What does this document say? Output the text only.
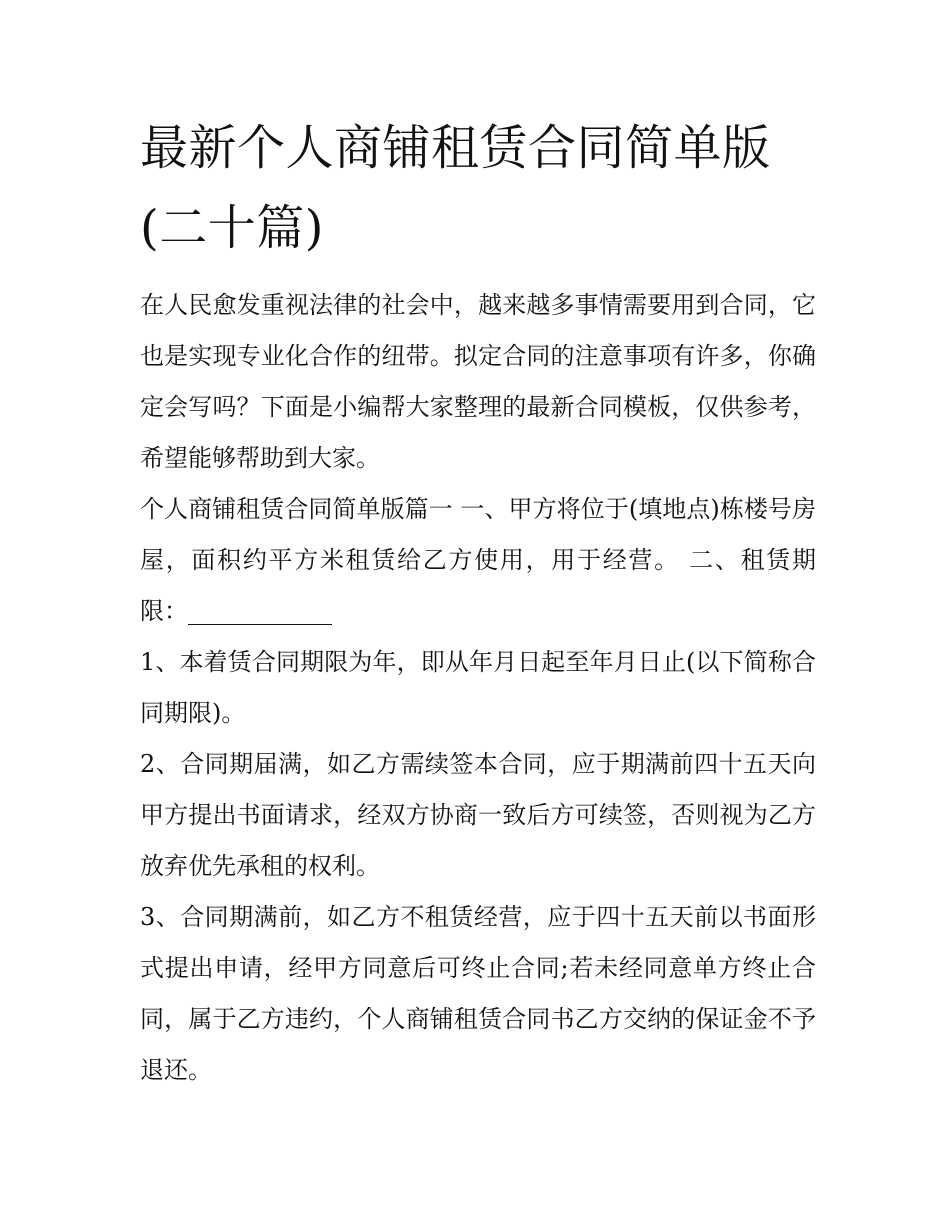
最新个人商铺租赁合同简单版
(二十篇)

在人民愈发重视法律的社会中，越来越多事情需要用到合同，它也是实现专业化合作的纽带。拟定合同的注意事项有许多，你确定会写吗？下面是小编帮大家整理的最新合同模板，仅供参考，希望能够帮助到大家。

个人商铺租赁合同简单版篇一 一、甲方将位于(填地点)栋楼号房屋，面积约平方米租赁给乙方使用，用于经营。 二、租赁期限：

1、本着赁合同期限为年，即从年月日起至年月日止(以下简称合同期限)。

2、合同期届满，如乙方需续签本合同，应于期满前四十五天向甲方提出书面请求，经双方协商一致后方可续签，否则视为乙方放弃优先承租的权利。

3、合同期满前，如乙方不租赁经营，应于四十五天前以书面形式提出申请，经甲方同意后可终止合同;若未经同意单方终止合同，属于乙方违约，个人商铺租赁合同书乙方交纳的保证金不予退还。
